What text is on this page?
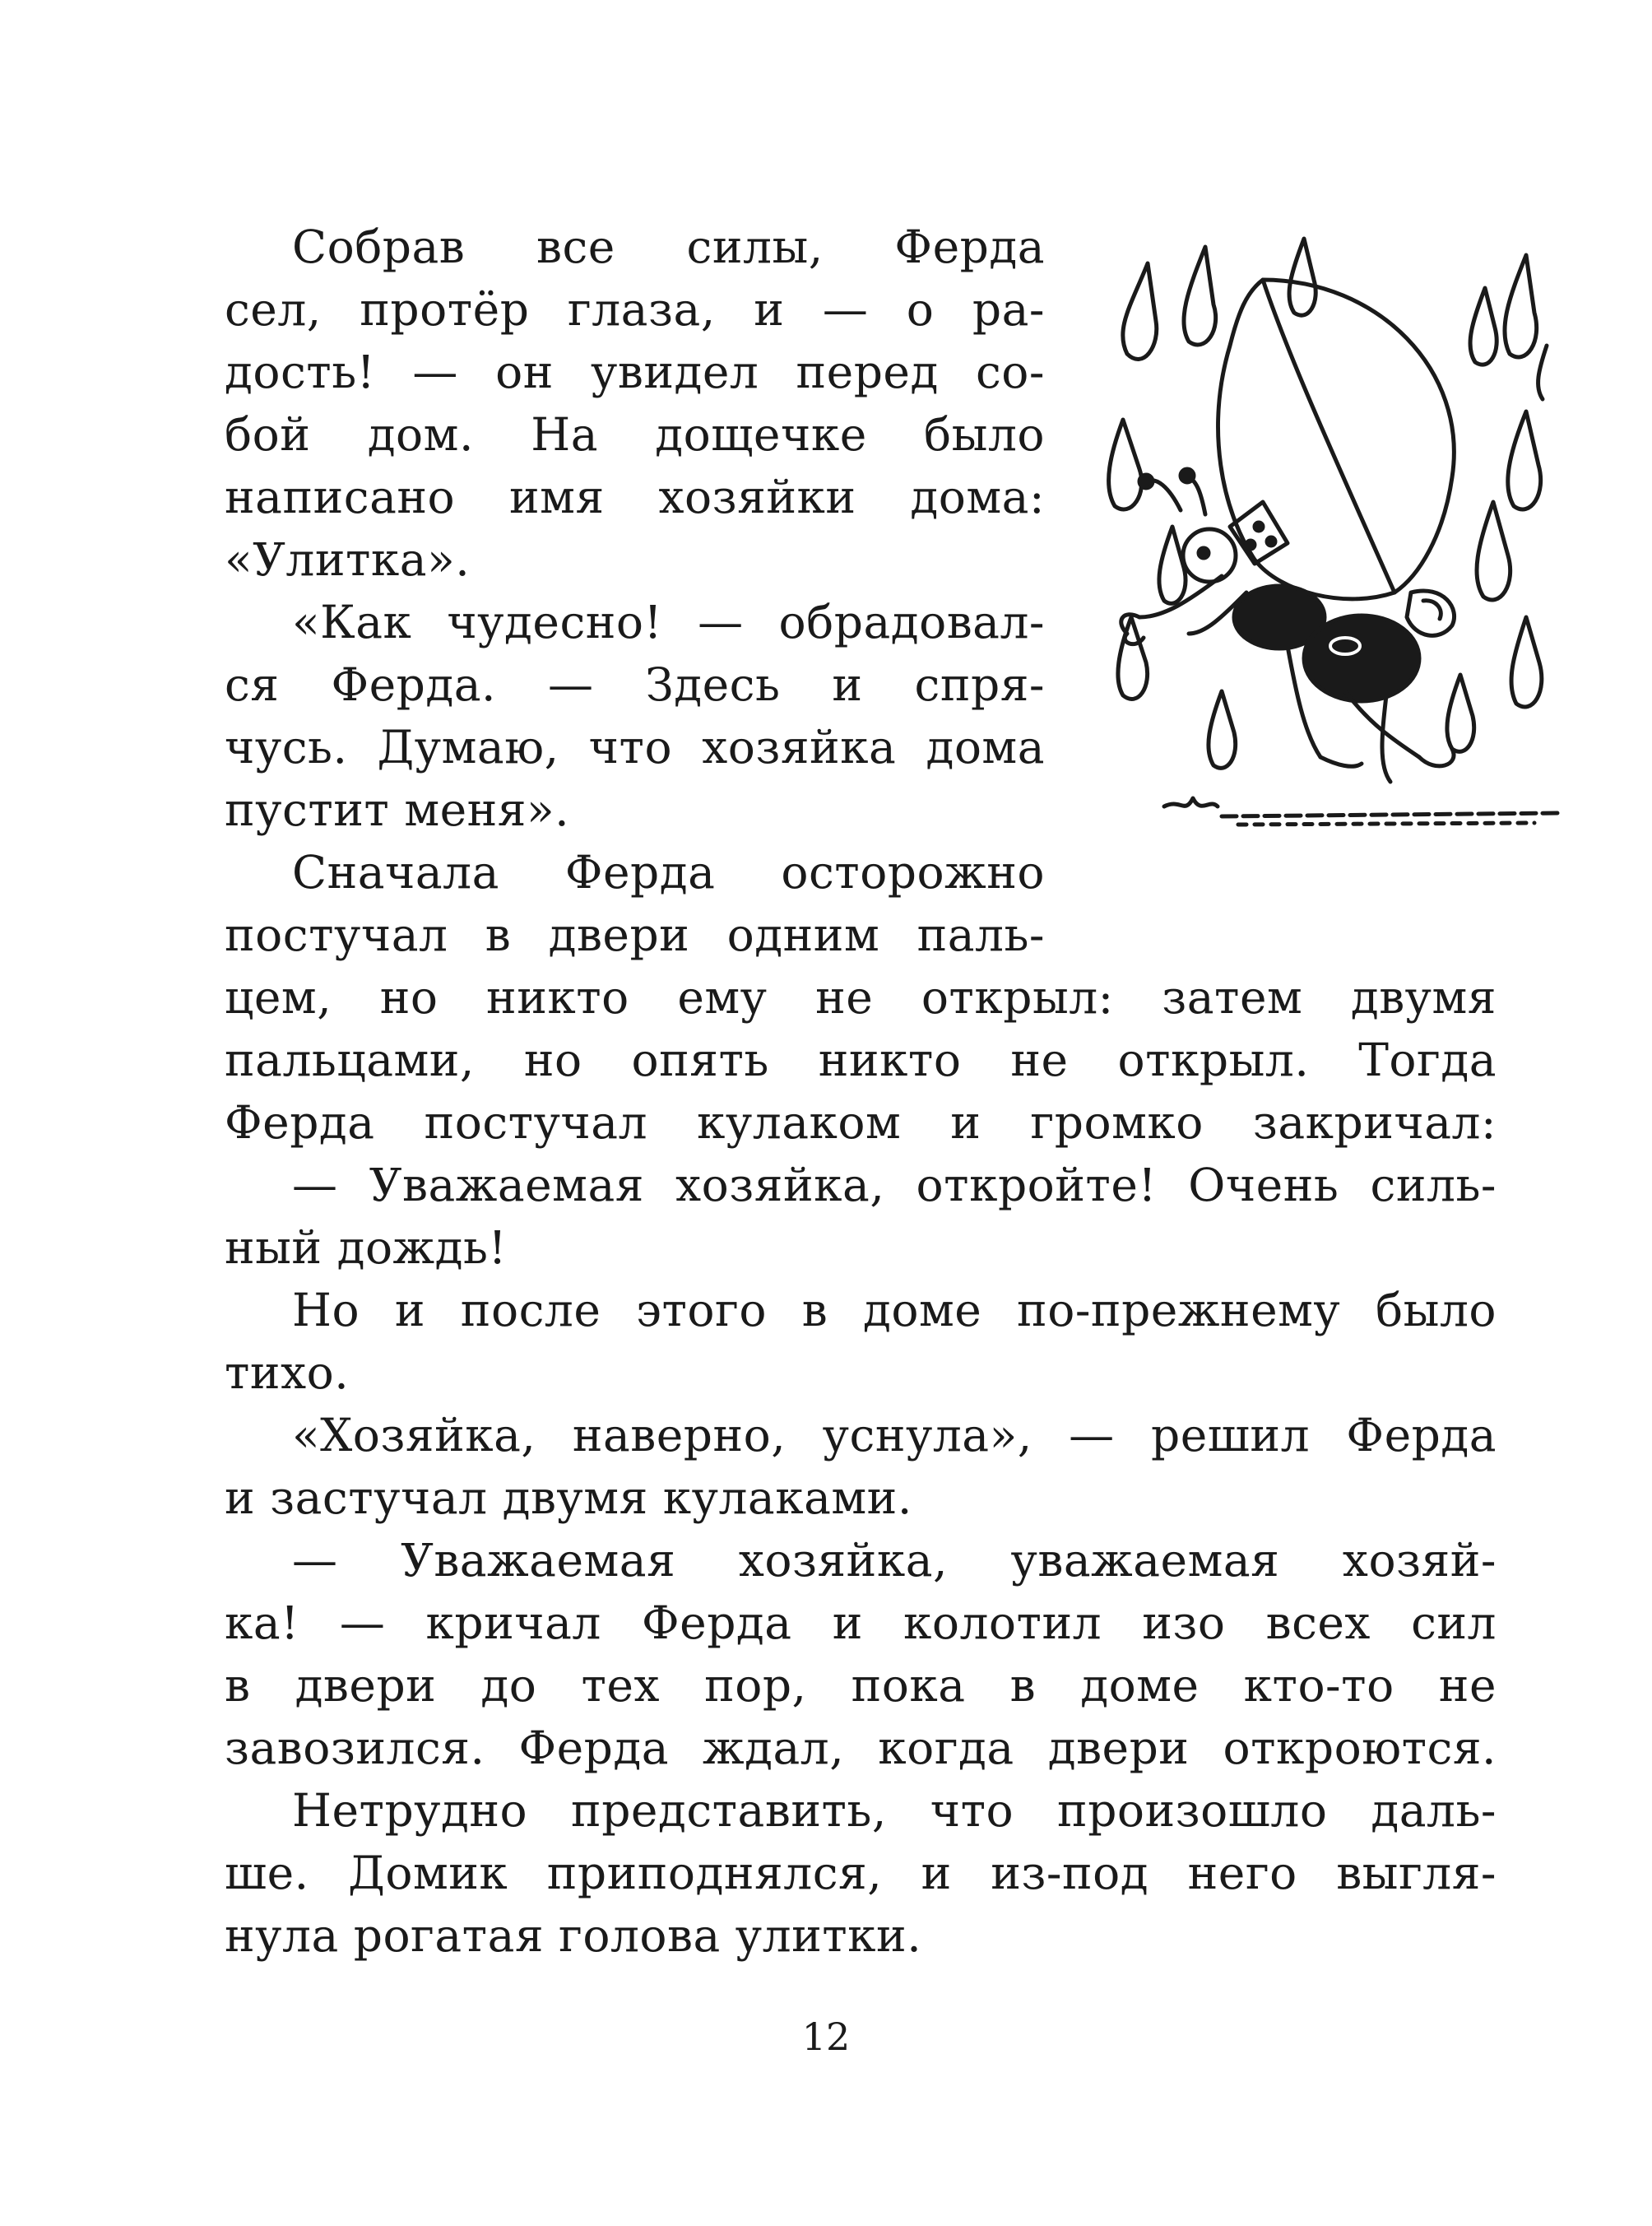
Собрав все силы, Ферда
сел, протёр глаза, и — о ра-
дость! — он увидел перед со-
бой дом. На дощечке было
написано имя хозяйки дома:
«Улитка».
«Как чудесно! — обрадовал-
ся Ферда. — Здесь и спря-
чусь. Думаю, что хозяйка дома
пустит меня».
Сначала Ферда осторожно
постучал в двери одним паль-
цем, но никто ему не открыл: затем двумя
пальцами, но опять никто не открыл. Тогда
Ферда постучал кулаком и громко закричал:
— Уважаемая хозяйка, откройте! Очень силь-
ный дождь!
Но и после этого в доме по-прежнему было
тихо.
«Хозяйка, наверно, уснула», — решил Ферда
и застучал двумя кулаками.
— Уважаемая хозяйка, уважаемая хозяй-
ка! — кричал Ферда и колотил изо всех сил
в двери до тех пор, пока в доме кто-то не
завозился. Ферда ждал, когда двери откроются.
Нетрудно представить, что произошло даль-
ше. Домик приподнялся, и из-под него выгля-
нула рогатая голова улитки.
12
